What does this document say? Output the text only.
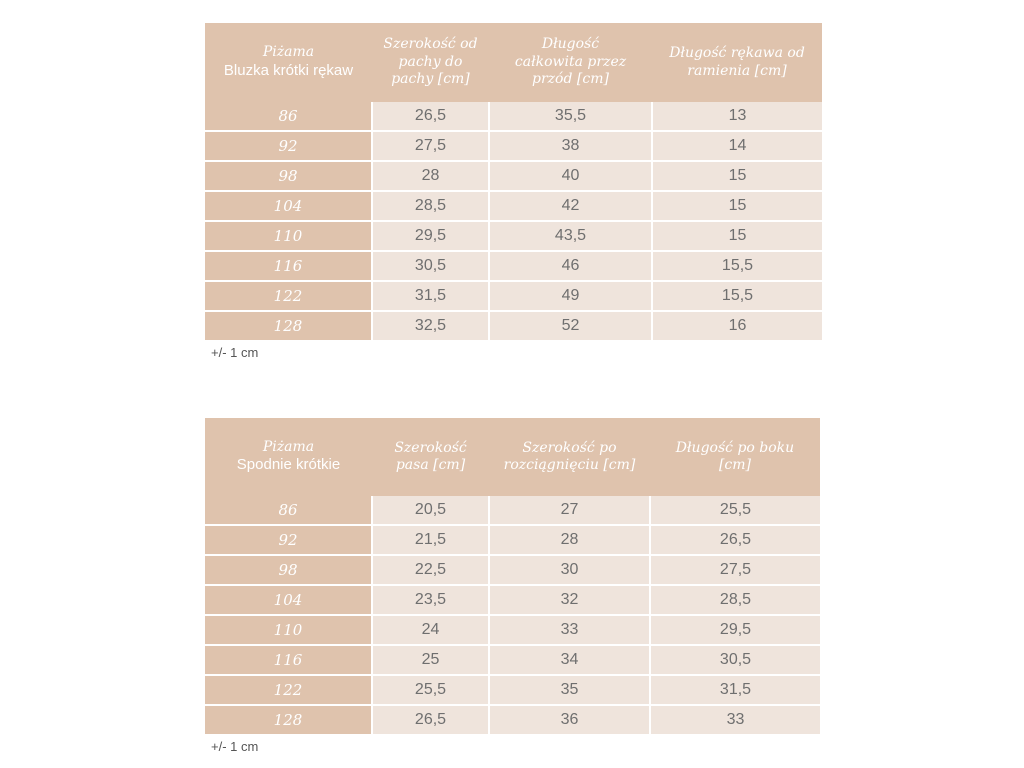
Piżama
Bluzka krótki rękaw	Szerokość od pachy do pachy [cm]	Długość całkowita przez przód [cm]	Długość rękawa od ramienia [cm]
86	26,5	35,5	13
92	27,5	38	14
98	28	40	15
104	28,5	42	15
110	29,5	43,5	15
116	30,5	46	15,5
122	31,5	49	15,5
128	32,5	52	16
+/- 1 cm
Piżama
Spodnie krótkie	Szerokość pasa [cm]	Szerokość po rozciągnięciu [cm]	Długość po boku [cm]
86	20,5	27	25,5
92	21,5	28	26,5
98	22,5	30	27,5
104	23,5	32	28,5
110	24	33	29,5
116	25	34	30,5
122	25,5	35	31,5
128	26,5	36	33
+/- 1 cm
